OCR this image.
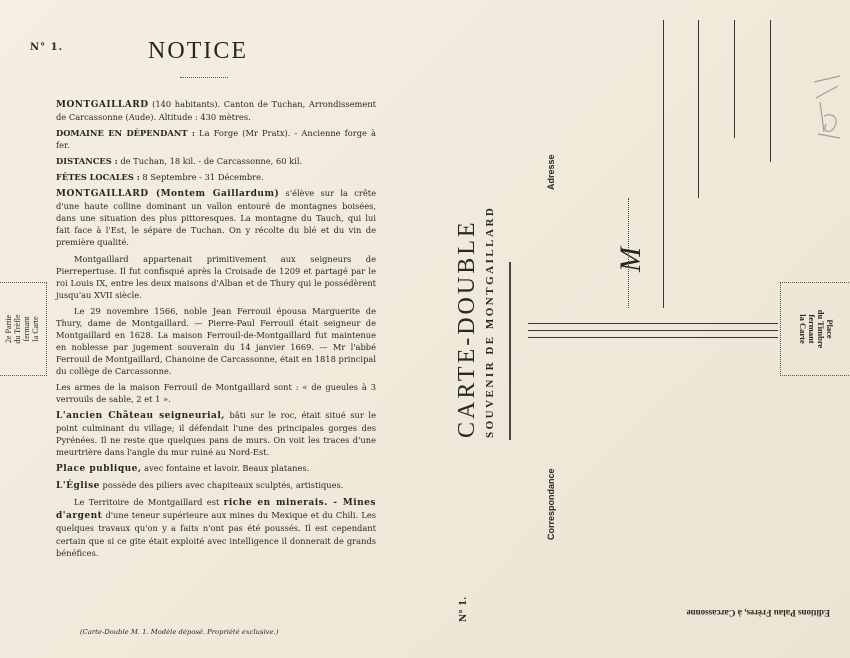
N° 1.	NOTICE

MONTGAILLARD (140 habitants). Canton de Tuchan, Arrondissement de Carcassonne (Aude). Altitude : 430 mètres.

DOMAINE EN DÉPENDANT : La Forge (Mr Pratx). - Ancienne forge à fer.

DISTANCES : de Tuchan, 18 kil. - de Carcassonne, 60 kil.

FÊTES LOCALES : 8 Septembre - 31 Décembre.

MONTGAILLARD (Montem Gaillardum) s'élève sur la crête d'une haute colline dominant un vallon entouré de montagnes boisées, dans une situation des plus pittoresques. La montagne du Tauch, qui lui fait face à l'Est, le sépare de Tuchan. On y récolte du blé et du vin de première qualité.

Montgaillard appartenait primitivement aux seigneurs de Pierrepertuse. Il fut confisqué après la Croisade de 1209 et partagé par le roi Louis IX, entre les deux maisons d'Alban et de Thury qui le possédèrent jusqu'au XVII siècle.

Le 29 novembre 1566, noble Jean Ferrouil épousa Marguerite de Thury, dame de Montgaillard. — Pierre-Paul Ferrouil était seigneur de Montgaillard en 1628. La maison Ferrouil-de-Montgaillard fut maintenue en noblesse par jugement souverain du 14 janvier 1669. — Mr l'abbé Ferrouil de Montgaillard, Chanoine de Carcassonne, était en 1818 principal du collège de Carcassonne.

Les armes de la maison Ferrouil de Montgaillard sont : « de gueules à 3 verrouils de sable, 2 et 1 ».

L'ancien Château seigneurial, bâti sur le roc, était situé sur le point culminant du village; il défendait l'une des principales gorges des Pyrénées. Il ne reste que quelques pans de murs. On voit les traces d'une meurtrière dans l'angle du mur ruiné au Nord-Est.

Place publique, avec fontaine et lavoir. Beaux platanes.

L'Église possède des piliers avec chapiteaux sculptés, artistiques.

Le Territoire de Montgaillard est riche en minerais. - Mines d'argent d'une teneur supérieure aux mines du Mexique et du Chili. Les quelques travaux qu'on y a faits n'ont pas été poussés. Il est cependant certain que si ce gite était exploité avec intelligence il donnerait de grands bénéfices.

(Carte-Double M. 1. Modèle déposé. Propriété exclusive.)
2e Partie du Trèfle fermant la Carte	CARTE-DOUBLE SOUVENIR DE MONTGAILLARD
Adresse
Correspondance
N° 1.	Editions Palau Frères, à Carcassonne
M
Place
du Timbre
fermant
la Carte
